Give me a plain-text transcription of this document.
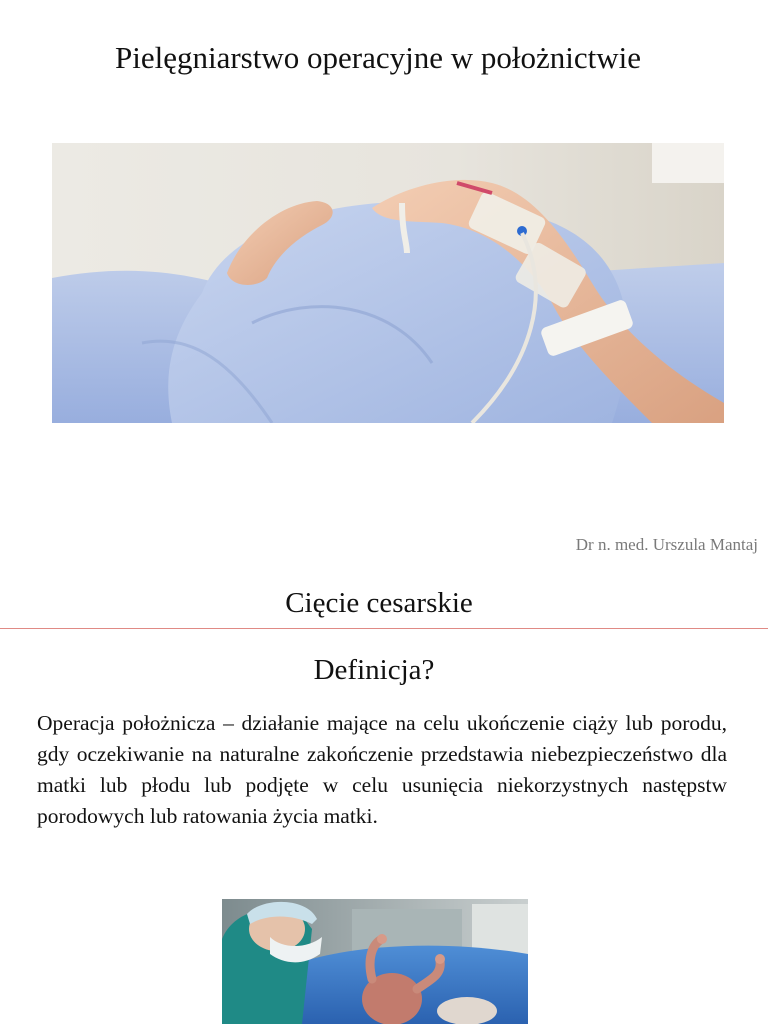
Pielęgniarstwo operacyjne w położnictwie
Dr n. med. Urszula Mantaj
Cięcie cesarskie
Definicja?
Operacja położnicza – działanie mające na celu ukończenie ciąży lub porodu, gdy oczekiwanie na naturalne zakończenie przedstawia niebezpieczeństwo dla matki lub płodu lub podjęte w celu usunięcia niekorzystnych następstw porodowych lub ratowania życia matki.
